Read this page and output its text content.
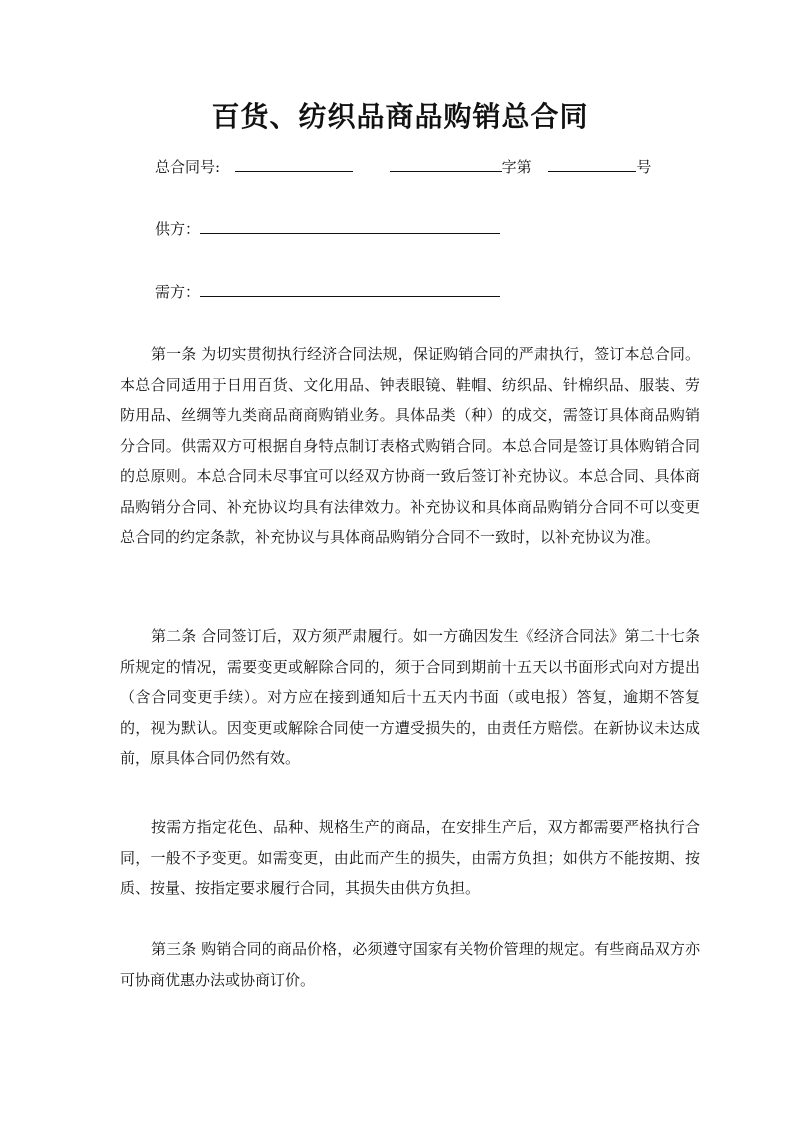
百货、纺织品商品购销总合同
总合同号:	字第	号
供方：
需方：

第一条 为切实贯彻执行经济合同法规，保证购销合同的严肃执行，签订本总合同。本总合同适用于日用百货、文化用品、钟表眼镜、鞋帽、纺织品、针棉织品、服装、劳防用品、丝绸等九类商品商商购销业务。具体品类（种）的成交，需签订具体商品购销分合同。供需双方可根据自身特点制订表格式购销合同。本总合同是签订具体购销合同的总原则。本总合同未尽事宜可以经双方协商一致后签订补充协议。本总合同、具体商品购销分合同、补充协议均具有法律效力。补充协议和具体商品购销分合同不可以变更总合同的约定条款，补充协议与具体商品购销分合同不一致时，以补充协议为准。

第二条 合同签订后，双方须严肃履行。如一方确因发生《经济合同法》第二十七条所规定的情况，需要变更或解除合同的，须于合同到期前十五天以书面形式向对方提出（含合同变更手续）。对方应在接到通知后十五天内书面（或电报）答复，逾期不答复的，视为默认。因变更或解除合同使一方遭受损失的，由责任方赔偿。在新协议未达成前，原具体合同仍然有效。

按需方指定花色、品种、规格生产的商品，在安排生产后，双方都需要严格执行合同，一般不予变更。如需变更，由此而产生的损失，由需方负担；如供方不能按期、按质、按量、按指定要求履行合同，其损失由供方负担。

第三条 购销合同的商品价格，必须遵守国家有关物价管理的规定。有些商品双方亦可协商优惠办法或协商订价。
